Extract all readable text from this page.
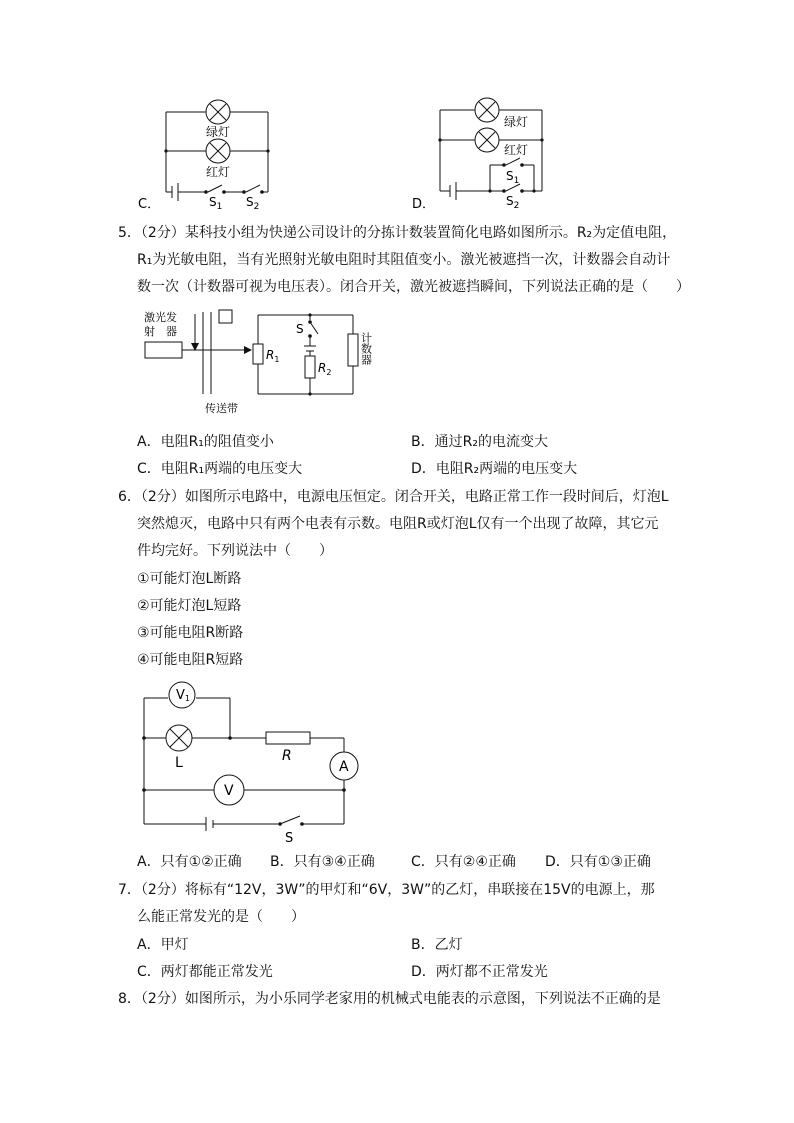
绿灯
红灯
$S_1$ $S_2$
C．
绿灯
红灯
$S_1$
$S_2$
D．
5．（2分）某科技小组为快递公司设计的分拣计数装置简化电路如图所示。R₂为定值电阻，
R₁为光敏电阻，当有光照射光敏电阻时其阻值变小。激光被遮挡一次，计数器会自动计
数一次（计数器可视为电压表）。闭合开关，激光被遮挡瞬间，下列说法正确的是（　　）
激光发
射　器
传送带
$R_1$
$R_2$
S
计数器
A．电阻R₁的阻值变小	B．通过R₂的电流变大
C．电阻R₁两端的电压变大	D．电阻R₂两端的电压变大
6．（2分）如图所示电路中，电源电压恒定。闭合开关，电路正常工作一段时间后，灯泡L
突然熄灭，电路中只有两个电表有示数。电阻R或灯泡L仅有一个出现了故障，其它元
件均完好。下列说法中（　　）
①可能灯泡L断路
②可能灯泡L短路
③可能电阻R断路
④可能电阻R短路
V1
L	R
A
V
S
A．只有①②正确 B．只有③④正确	C．只有②④正确 D．只有①③正确
7．（2分）将标有“12V，3W”的甲灯和“6V，3W”的乙灯，串联接在15V的电源上，那
么能正常发光的是（　　）
A．甲灯	B．乙灯
C．两灯都能正常发光	D．两灯都不正常发光
8．（2分）如图所示，为小乐同学老家用的机械式电能表的示意图，下列说法不正确的是
